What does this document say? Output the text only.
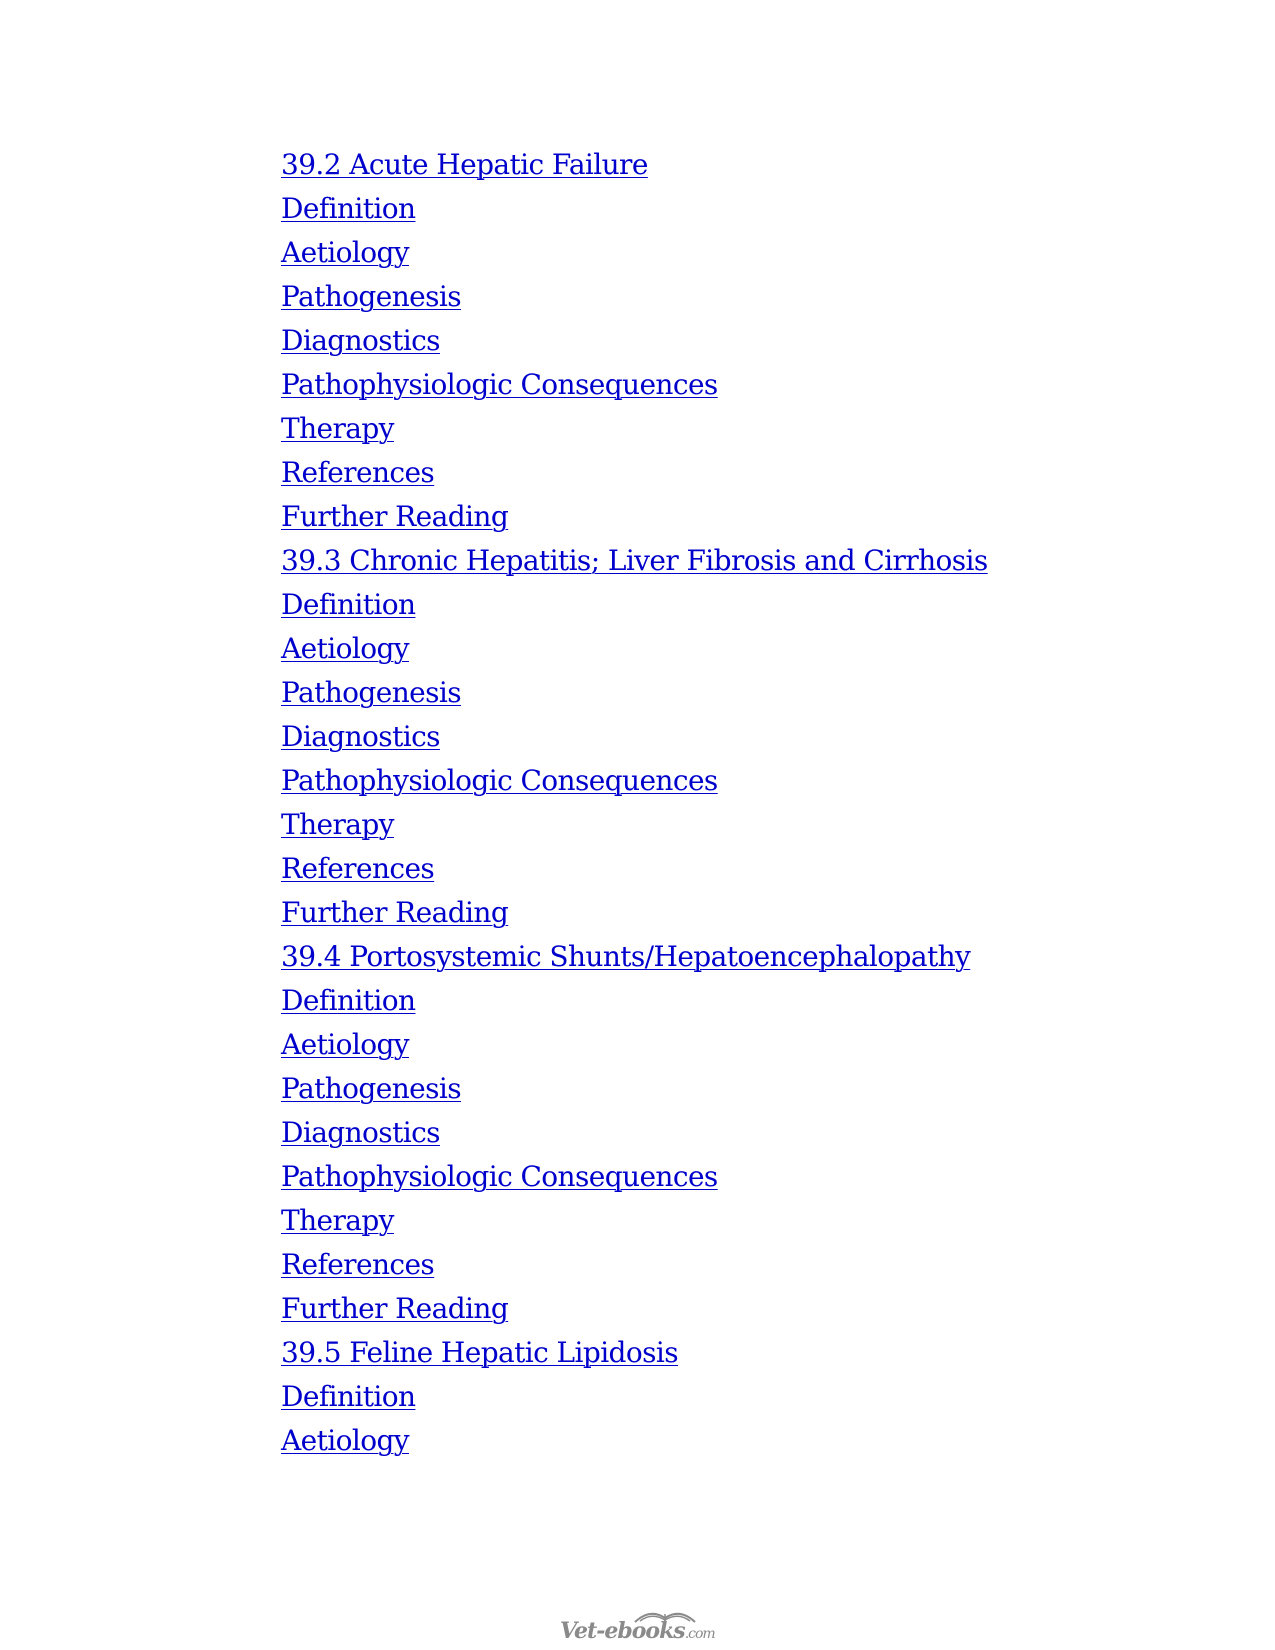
39.2 Acute Hepatic Failure
Definition
Aetiology
Pathogenesis
Diagnostics
Pathophysiologic Consequences
Therapy
References
Further Reading
39.3 Chronic Hepatitis; Liver Fibrosis and Cirrhosis
Definition
Aetiology
Pathogenesis
Diagnostics
Pathophysiologic Consequences
Therapy
References
Further Reading
39.4 Portosystemic Shunts/Hepatoencephalopathy
Definition
Aetiology
Pathogenesis
Diagnostics
Pathophysiologic Consequences
Therapy
References
Further Reading
39.5 Feline Hepatic Lipidosis
Definition
Aetiology
Vet-ebooks.com
